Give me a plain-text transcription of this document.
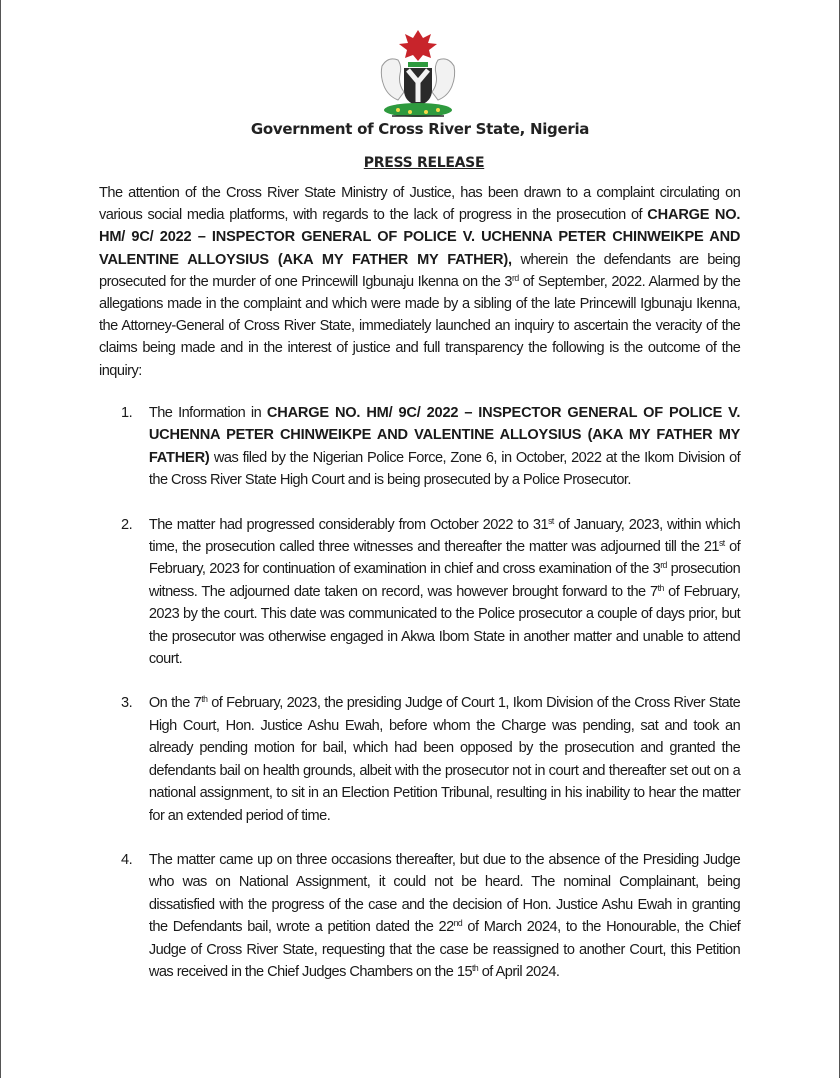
Government of Cross River State, Nigeria
PRESS RELEASE
The attention of the Cross River State Ministry of Justice, has been drawn to a complaint circulating on various social media platforms, with regards to the lack of progress in the prosecution of CHARGE NO. HM/ 9C/ 2022 – INSPECTOR GENERAL OF POLICE V. UCHENNA PETER CHINWEIKPE AND VALENTINE ALLOYSIUS (AKA MY FATHER MY FATHER), wherein the defendants are being prosecuted for the murder of one Princewill Igbunaju Ikenna on the 3rd of September, 2022. Alarmed by the allegations made in the complaint and which were made by a sibling of the late Princewill Igbunaju Ikenna, the Attorney-General of Cross River State, immediately launched an inquiry to ascertain the veracity of the claims being made and in the interest of justice and full transparency the following is the outcome of the inquiry:
1. The Information in CHARGE NO. HM/ 9C/ 2022 – INSPECTOR GENERAL OF POLICE V. UCHENNA PETER CHINWEIKPE AND VALENTINE ALLOYSIUS (AKA MY FATHER MY FATHER) was filed by the Nigerian Police Force, Zone 6, in October, 2022 at the Ikom Division of the Cross River State High Court and is being prosecuted by a Police Prosecutor.
2. The matter had progressed considerably from October 2022 to 31st of January, 2023, within which time, the prosecution called three witnesses and thereafter the matter was adjourned till the 21st of February, 2023 for continuation of examination in chief and cross examination of the 3rd prosecution witness. The adjourned date taken on record, was however brought forward to the 7th of February, 2023 by the court. This date was communicated to the Police prosecutor a couple of days prior, but the prosecutor was otherwise engaged in Akwa Ibom State in another matter and unable to attend court.
3. On the 7th of February, 2023, the presiding Judge of Court 1, Ikom Division of the Cross River State High Court, Hon. Justice Ashu Ewah, before whom the Charge was pending, sat and took an already pending motion for bail, which had been opposed by the prosecution and granted the defendants bail on health grounds, albeit with the prosecutor not in court and thereafter set out on a national assignment, to sit in an Election Petition Tribunal, resulting in his inability to hear the matter for an extended period of time.
4. The matter came up on three occasions thereafter, but due to the absence of the Presiding Judge who was on National Assignment, it could not be heard. The nominal Complainant, being dissatisfied with the progress of the case and the decision of Hon. Justice Ashu Ewah in granting the Defendants bail, wrote a petition dated the 22nd of March 2024, to the Honourable, the Chief Judge of Cross River State, requesting that the case be reassigned to another Court, this Petition was received in the Chief Judges Chambers on the 15th of April 2024.
